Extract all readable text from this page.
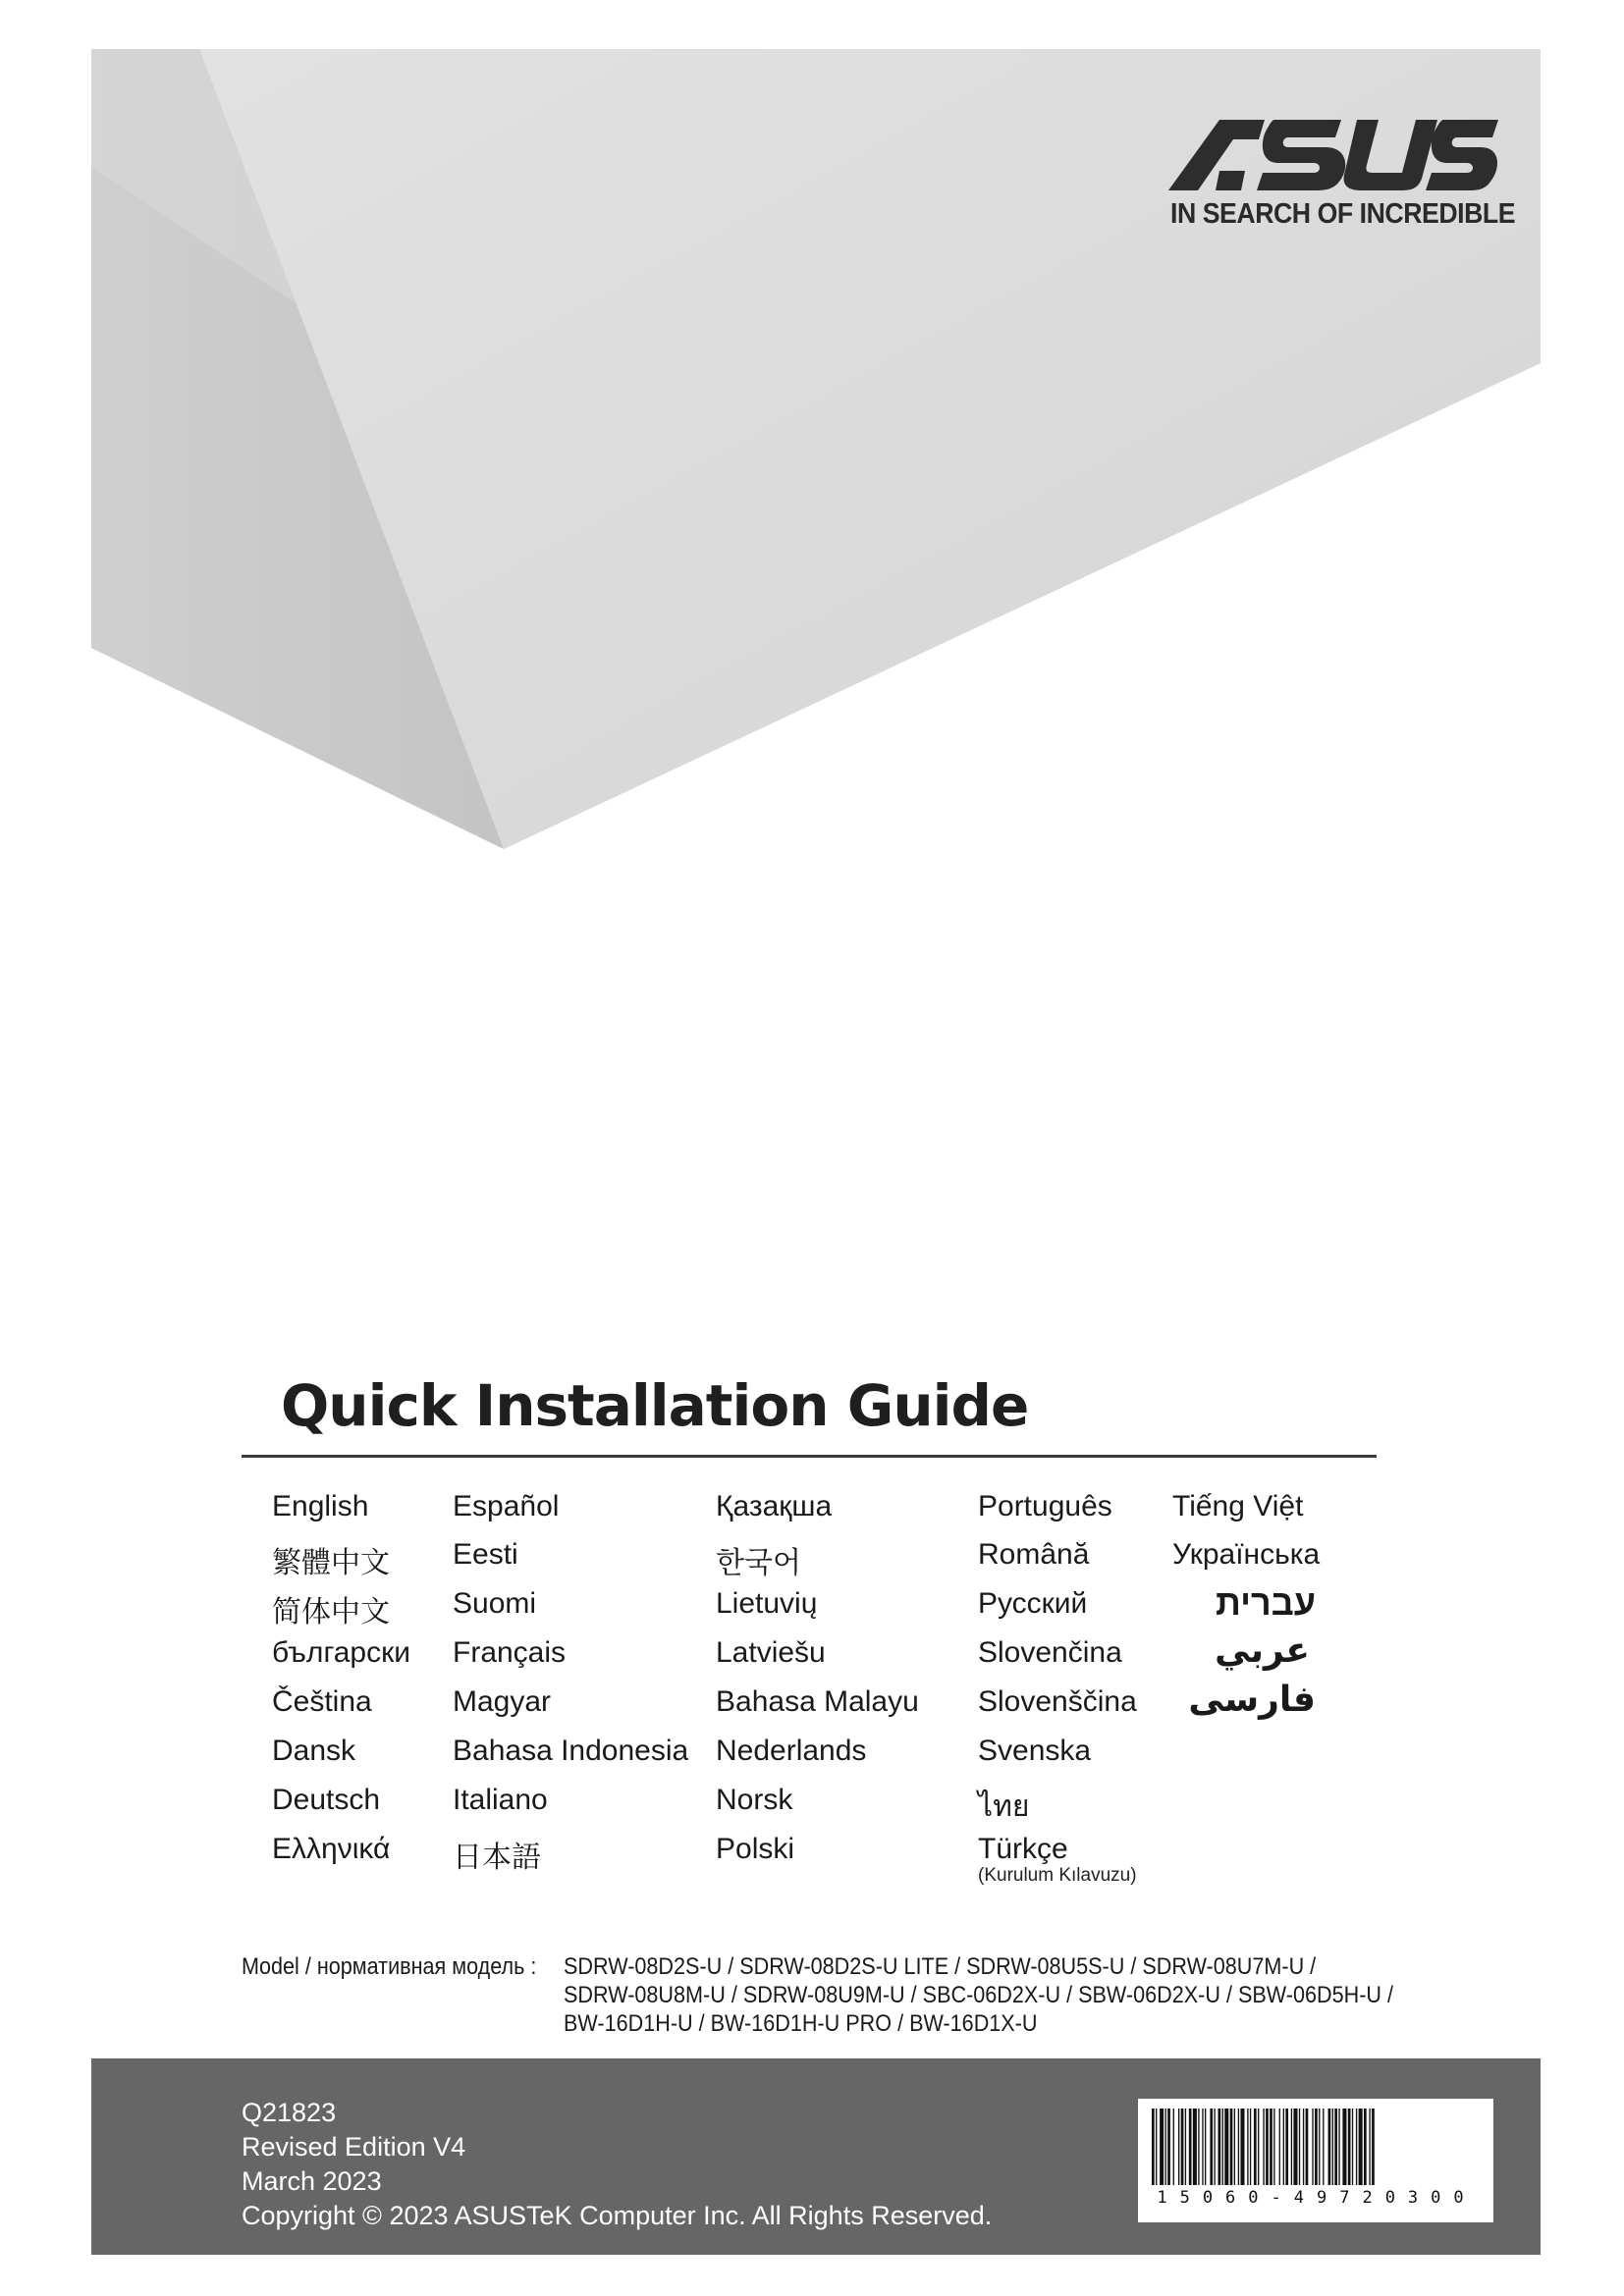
IN SEARCH OF INCREDIBLE
Quick Installation Guide
English
繁體中文
简体中文
български
Čeština
Dansk
Deutsch
Ελληνικά
Español
Eesti
Suomi
Français
Magyar
Bahasa Indonesia
Italiano
日本語
Қазақша
한국어
Lietuvių
Latviešu
Bahasa Malayu
Nederlands
Norsk
Polski
Português
Română
Русский
Slovenčina
Slovenščina
Svenska
ไทย
Türkçe
(Kurulum Kılavuzu)
Tiếng Việt
Українська
עברית
عربي
فارسی
Model / нормативная модель : SDRW-08D2S-U / SDRW-08D2S-U LITE / SDRW-08U5S-U / SDRW-08U7M-U /
SDRW-08U8M-U / SDRW-08U9M-U / SBC-06D2X-U / SBW-06D2X-U / SBW-06D5H-U /
BW-16D1H-U / BW-16D1H-U PRO / BW-16D1X-U
Q21823
Revised Edition V4
March 2023
Copyright © 2023 ASUSTeK Computer Inc. All Rights Reserved.
15060-49720300
